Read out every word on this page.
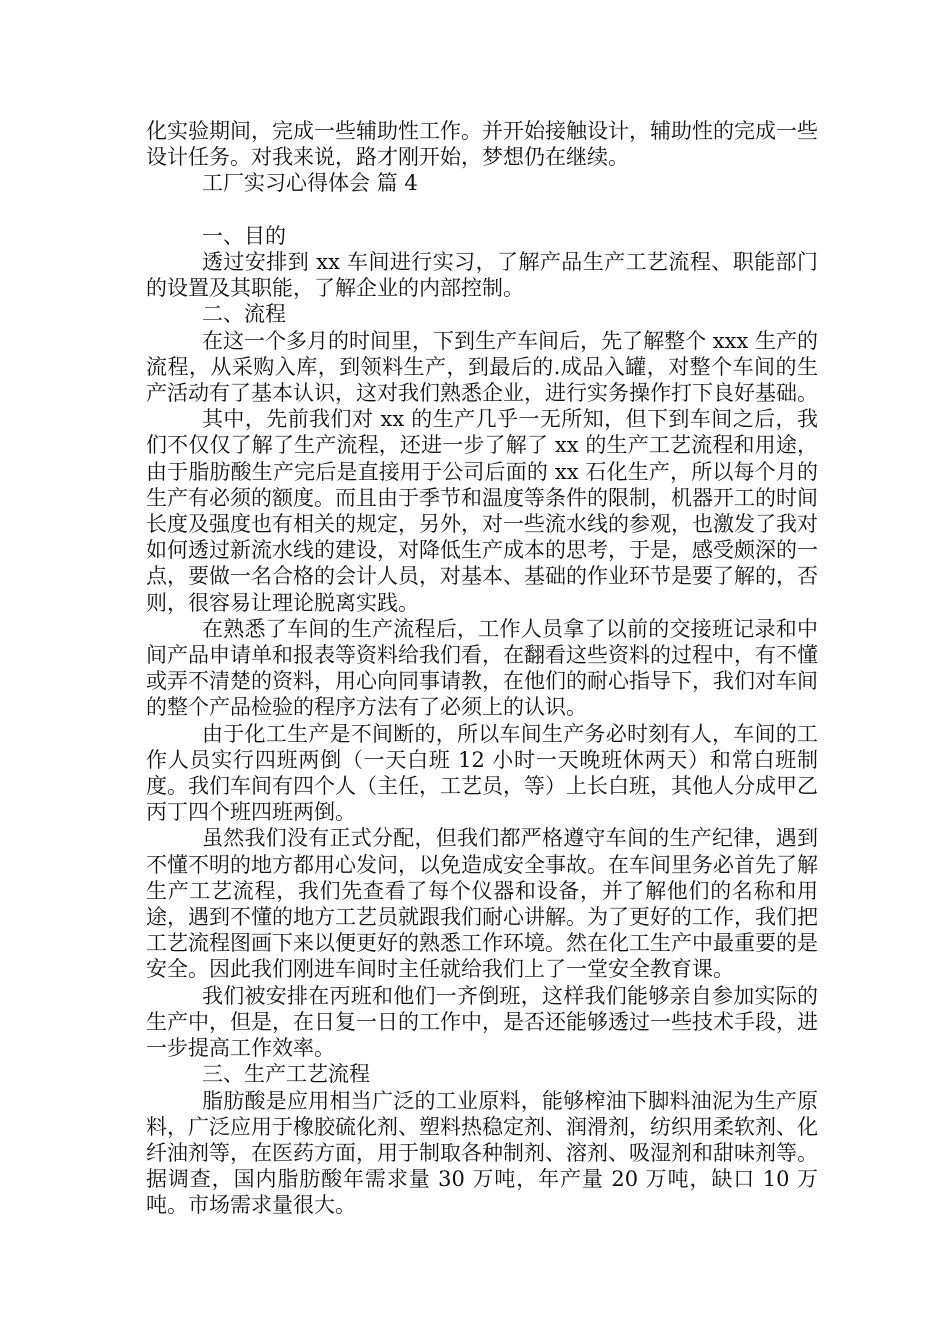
化实验期间，完成一些辅助性工作。并开始接触设计，辅助性的完成一些设计任务。对我来说，路才刚开始，梦想仍在继续。

工厂实习心得体会 篇 4

一、目的

透过安排到 xx 车间进行实习，了解产品生产工艺流程、职能部门的设置及其职能，了解企业的内部控制。

二、流程

在这一个多月的时间里，下到生产车间后，先了解整个 xxx 生产的流程，从采购入库，到领料生产，到最后的.成品入罐，对整个车间的生产活动有了基本认识，这对我们熟悉企业，进行实务操作打下良好基础。

其中，先前我们对 xx 的生产几乎一无所知，但下到车间之后，我们不仅仅了解了生产流程，还进一步了解了 xx 的生产工艺流程和用途，由于脂肪酸生产完后是直接用于公司后面的 xx 石化生产，所以每个月的生产有必须的额度。而且由于季节和温度等条件的限制，机器开工的时间长度及强度也有相关的规定，另外，对一些流水线的参观，也激发了我对如何透过新流水线的建设，对降低生产成本的思考，于是，感受颇深的一点，要做一名合格的会计人员，对基本、基础的作业环节是要了解的，否则，很容易让理论脱离实践。

在熟悉了车间的生产流程后，工作人员拿了以前的交接班记录和中间产品申请单和报表等资料给我们看，在翻看这些资料的过程中，有不懂或弄不清楚的资料，用心向同事请教，在他们的耐心指导下，我们对车间的整个产品检验的程序方法有了必须上的认识。

由于化工生产是不间断的，所以车间生产务必时刻有人，车间的工作人员实行四班两倒（一天白班 12 小时一天晚班休两天）和常白班制度。我们车间有四个人（主任，工艺员，等）上长白班，其他人分成甲乙丙丁四个班四班两倒。

虽然我们没有正式分配，但我们都严格遵守车间的生产纪律，遇到不懂不明的地方都用心发问，以免造成安全事故。在车间里务必首先了解生产工艺流程，我们先查看了每个仪器和设备，并了解他们的名称和用途，遇到不懂的地方工艺员就跟我们耐心讲解。为了更好的工作，我们把工艺流程图画下来以便更好的熟悉工作环境。然在化工生产中最重要的是安全。因此我们刚进车间时主任就给我们上了一堂安全教育课。

我们被安排在丙班和他们一齐倒班，这样我们能够亲自参加实际的生产中，但是，在日复一日的工作中，是否还能够透过一些技术手段，进一步提高工作效率。

三、生产工艺流程

脂肪酸是应用相当广泛的工业原料，能够榨油下脚料油泥为生产原料，广泛应用于橡胶硫化剂、塑料热稳定剂、润滑剂，纺织用柔软剂、化纤油剂等，在医药方面，用于制取各种制剂、溶剂、吸湿剂和甜味剂等。据调查，国内脂肪酸年需求量 30 万吨，年产量 20 万吨，缺口 10 万吨。市场需求量很大。
